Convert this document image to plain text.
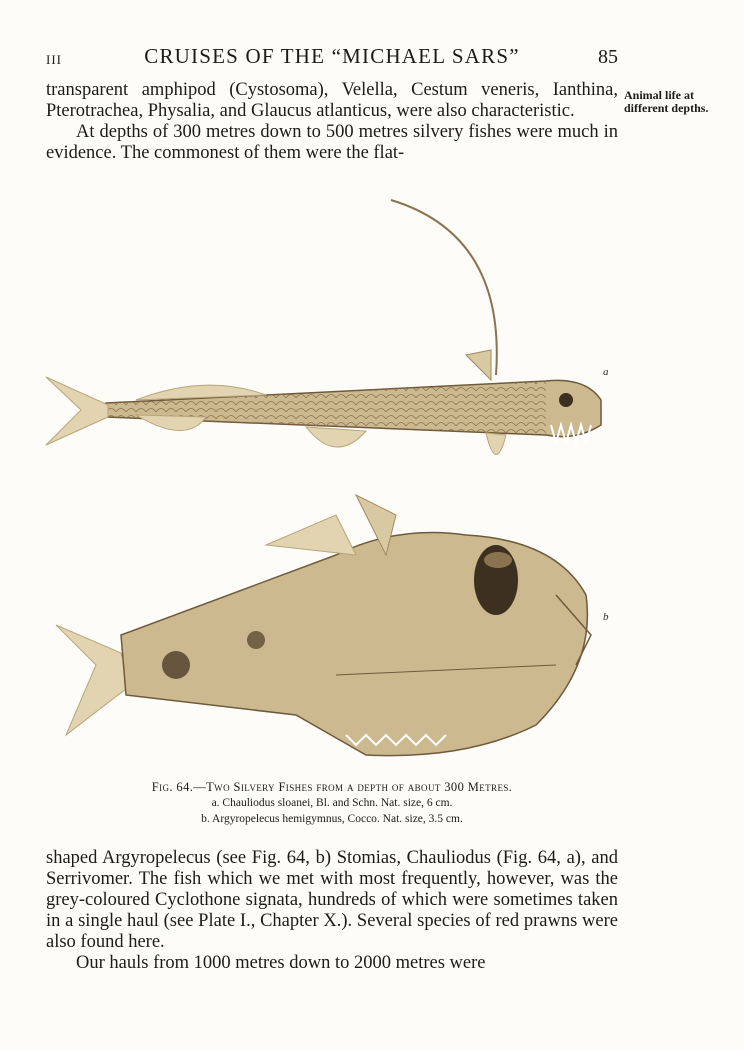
III	CRUISES OF THE “MICHAEL SARS”	85

transparent amphipod (Cystosoma), Velella, Cestum veneris, Ianthina, Pterotrachea, Physalia, and Glaucus atlanticus, were also characteristic.

At depths of 300 metres down to 500 metres silvery fishes were much in evidence. The commonest of them were the flat-

Animal life at different depths.
a
b
Fig. 64.—Two Silvery Fishes from a depth of about 300 Metres.
a. Chauliodus sloanei, Bl. and Schn. Nat. size, 6 cm.
b. Argyropelecus hemigymnus, Cocco. Nat. size, 3.5 cm.

shaped Argyropelecus (see Fig. 64, b) Stomias, Chauliodus (Fig. 64, a), and Serrivomer. The fish which we met with most frequently, however, was the grey-coloured Cyclothone signata, hundreds of which were sometimes taken in a single haul (see Plate I., Chapter X.). Several species of red prawns were also found here.

Our hauls from 1000 metres down to 2000 metres were
